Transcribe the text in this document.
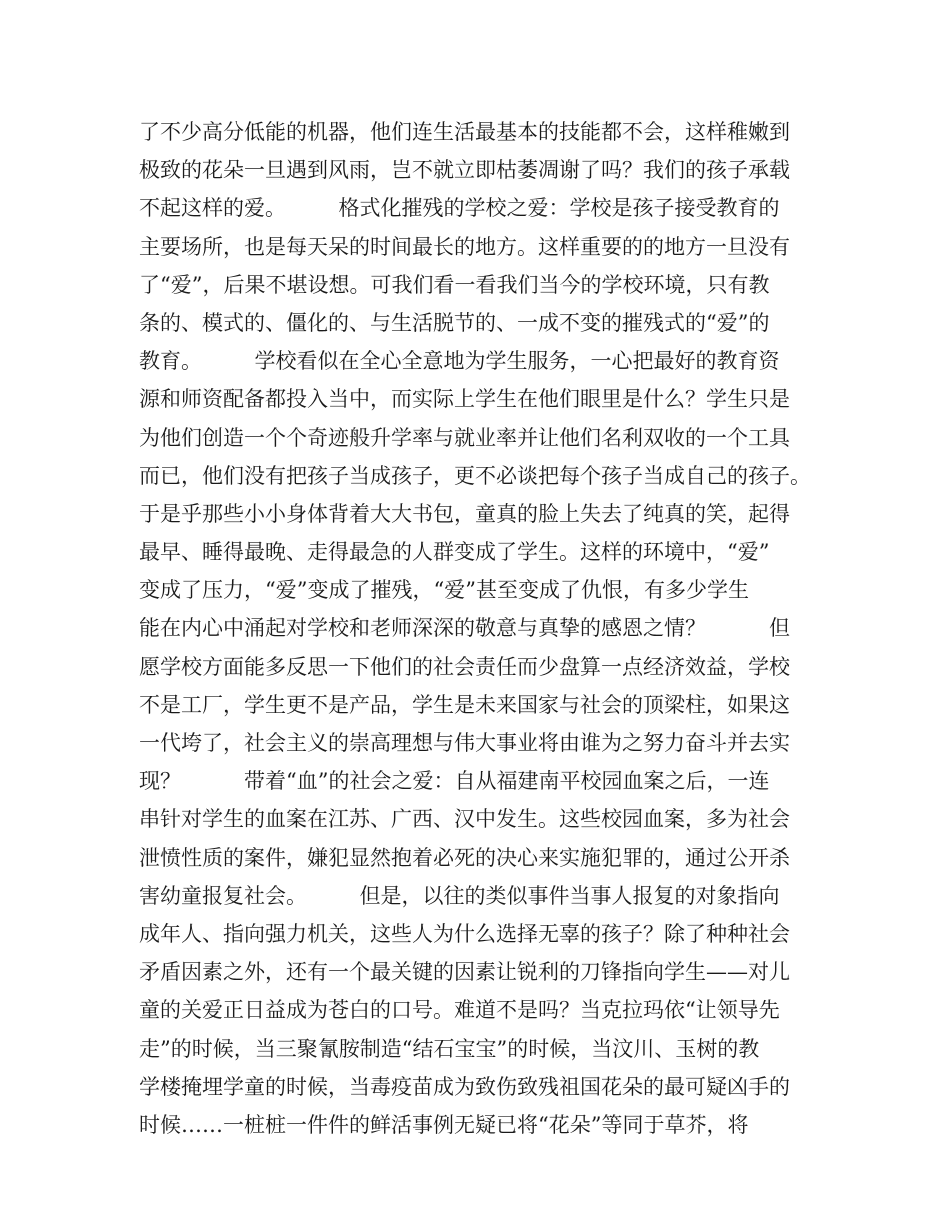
了不少高分低能的机器，他们连生活最基本的技能都不会，这样稚嫩到
极致的花朵一旦遇到风雨，岂不就立即枯萎凋谢了吗？我们的孩子承载
不起这样的爱。　　　格式化摧残的学校之爱：学校是孩子接受教育的
主要场所，也是每天呆的时间最长的地方。这样重要的的地方一旦没有
了“爱”，后果不堪设想。可我们看一看我们当今的学校环境，只有教
条的、模式的、僵化的、与生活脱节的、一成不变的摧残式的“爱”的
教育。　　　学校看似在全心全意地为学生服务，一心把最好的教育资
源和师资配备都投入当中，而实际上学生在他们眼里是什么？学生只是
为他们创造一个个奇迹般升学率与就业率并让他们名利双收的一个工具
而已，他们没有把孩子当成孩子，更不必谈把每个孩子当成自己的孩子。
于是乎那些小小身体背着大大书包，童真的脸上失去了纯真的笑，起得
最早、睡得最晚、走得最急的人群变成了学生。这样的环境中，“爱”
变成了压力，“爱”变成了摧残，“爱”甚至变成了仇恨，有多少学生
能在内心中涌起对学校和老师深深的敬意与真挚的感恩之情？　　　但
愿学校方面能多反思一下他们的社会责任而少盘算一点经济效益，学校
不是工厂，学生更不是产品，学生是未来国家与社会的顶梁柱，如果这
一代垮了，社会主义的崇高理想与伟大事业将由谁为之努力奋斗并去实
现？　　　带着“血”的社会之爱：自从福建南平校园血案之后，一连
串针对学生的血案在江苏、广西、汉中发生。这些校园血案，多为社会
泄愤性质的案件，嫌犯显然抱着必死的决心来实施犯罪的，通过公开杀
害幼童报复社会。　　　但是，以往的类似事件当事人报复的对象指向
成年人、指向强力机关，这些人为什么选择无辜的孩子？除了种种社会
矛盾因素之外，还有一个最关键的因素让锐利的刀锋指向学生——对儿
童的关爱正日益成为苍白的口号。难道不是吗？当克拉玛依“让领导先
走”的时候，当三聚氰胺制造“结石宝宝”的时候，当汶川、玉树的教
学楼掩埋学童的时候，当毒疫苗成为致伤致残祖国花朵的最可疑凶手的
时候……一桩桩一件件的鲜活事例无疑已将“花朵”等同于草芥，将
